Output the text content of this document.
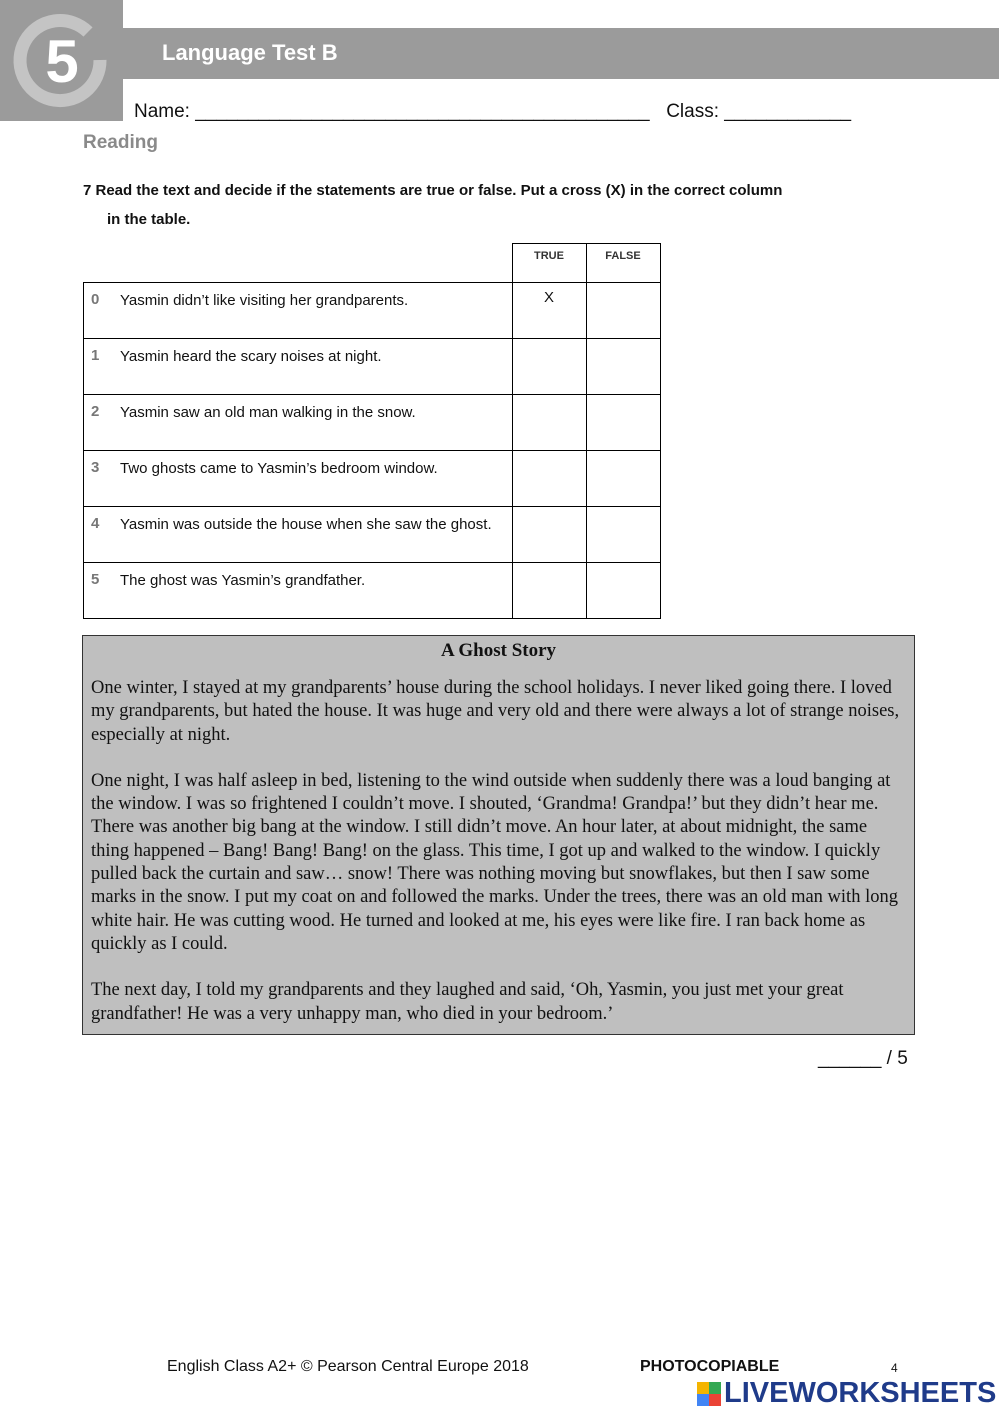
5	Language Test B
Name: ___________________________________________ Class: ____________
Reading
7 Read the text and decide if the statements are true or false. Put a cross (X) in the correct column
in the table.
	TRUE	FALSE
0 Yasmin didn’t like visiting her grandparents.	X	
1 Yasmin heard the scary noises at night.		
2 Yasmin saw an old man walking in the snow.		
3 Two ghosts came to Yasmin’s bedroom window.		
4 Yasmin was outside the house when she saw the ghost.		
5 The ghost was Yasmin’s grandfather.		
A Ghost Story

One winter, I stayed at my grandparents’ house during the school holidays. I never liked going there. I loved my grandparents, but hated the house. It was huge and very old and there were always a lot of strange noises, especially at night.

One night, I was half asleep in bed, listening to the wind outside when suddenly there was a loud banging at the window. I was so frightened I couldn’t move. I shouted, ‘Grandma! Grandpa!’ but they didn’t hear me. There was another big bang at the window. I still didn’t move. An hour later, at about midnight, the same thing happened – Bang! Bang! Bang! on the glass. This time, I got up and walked to the window. I quickly pulled back the curtain and saw… snow! There was nothing moving but snowflakes, but then I saw some marks in the snow. I put my coat on and followed the marks. Under the trees, there was an old man with long white hair. He was cutting wood. He turned and looked at me, his eyes were like fire. I ran back home as quickly as I could.

The next day, I told my grandparents and they laughed and said, ‘Oh, Yasmin, you just met your great grandfather! He was a very unhappy man, who died in your bedroom.’

______ / 5
English Class A2+ © Pearson Central Europe 2018	PHOTOCOPIABLE	4
LIVEWORKSHEETS
